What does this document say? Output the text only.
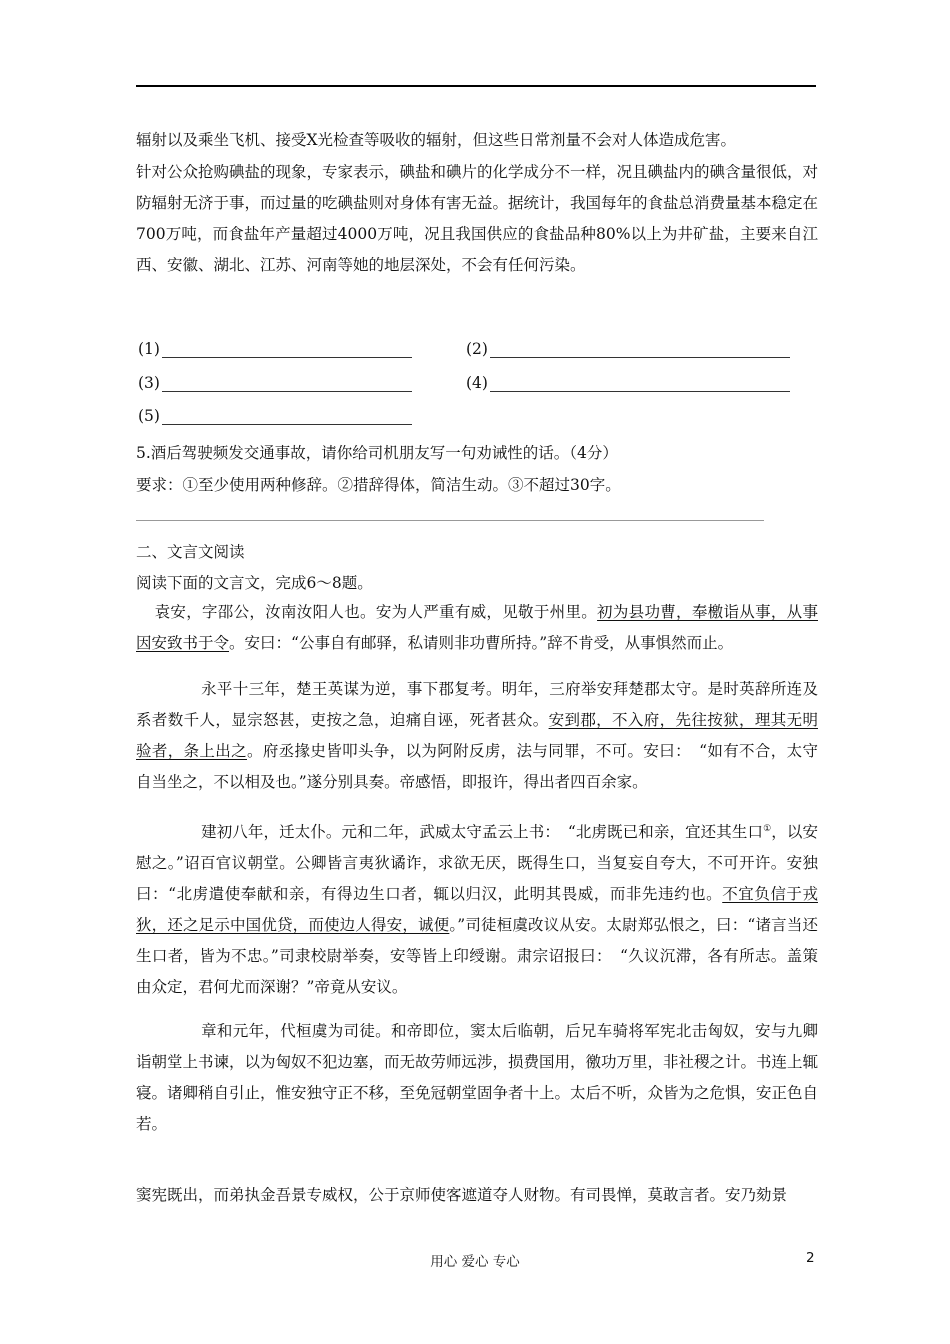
辐射以及乘坐飞机、接受X光检查等吸收的辐射，但这些日常剂量不会对人体造成危害。

针对公众抢购碘盐的现象，专家表示，碘盐和碘片的化学成分不一样，况且碘盐内的碘含量很低，对防辐射无济于事，而过量的吃碘盐则对身体有害无益。据统计，我国每年的食盐总消费量基本稳定在700万吨，而食盐年产量超过4000万吨，况且我国供应的食盐品种80%以上为井矿盐，主要来自江西、安徽、湖北、江苏、河南等她的地层深处，不会有任何污染。

(1)	(2)
(3)	(4)
(5)
5.酒后驾驶频发交通事故，请你给司机朋友写一句劝诫性的话。（4分）
要求：①至少使用两种修辞。②措辞得体，简洁生动。③不超过30字。
二、文言文阅读
阅读下面的文言文，完成6～8题。

袁安，字邵公，汝南汝阳人也。安为人严重有威，见敬于州里。初为县功曹，奉檄诣从事，从事因安致书于令。安曰：“公事自有邮驿，私请则非功曹所持。”辞不肯受，从事惧然而止。

永平十三年，楚王英谋为逆，事下郡复考。明年，三府举安拜楚郡太守。是时英辞所连及系者数千人，显宗怒甚，吏按之急，迫痛自诬，死者甚众。安到郡，不入府，先往按狱，理其无明验者，条上出之。府丞掾史皆叩头争，以为阿附反虏，法与同罪，不可。安曰：　“如有不合，太守自当坐之，不以相及也。”遂分别具奏。帝感悟，即报许，得出者四百余家。

建初八年，迁太仆。元和二年，武威太守孟云上书：　“北虏既已和亲，宜还其生口①，以安慰之。”诏百官议朝堂。公卿皆言夷狄谲诈，求欲无厌，既得生口，当复妄自夸大，不可开许。安独曰：“北虏遣使奉献和亲，有得边生口者，辄以归汉，此明其畏威，而非先违约也。不宜负信于戎狄，还之足示中国优贷，而使边人得安，诚便。”司徒桓虞改议从安。太尉郑弘恨之，曰：“诸言当还生口者，皆为不忠。”司隶校尉举奏，安等皆上印绶谢。肃宗诏报曰：　“久议沉滞，各有所志。盖策由众定，君何尤而深谢？”帝竟从安议。

章和元年，代桓虞为司徒。和帝即位，窦太后临朝，后兄车骑将军宪北击匈奴，安与九卿诣朝堂上书谏，以为匈奴不犯边塞，而无故劳师远涉，损费国用，徼功万里，非社稷之计。书连上辄寝。诸卿稍自引止，惟安独守正不移，至免冠朝堂固争者十上。太后不听，众皆为之危惧，安正色自若。

窦宪既出，而弟执金吾景专威权，公于京师使客遮道夺人财物。有司畏惮，莫敢言者。安乃劾景

用心 爱心 专心	2
